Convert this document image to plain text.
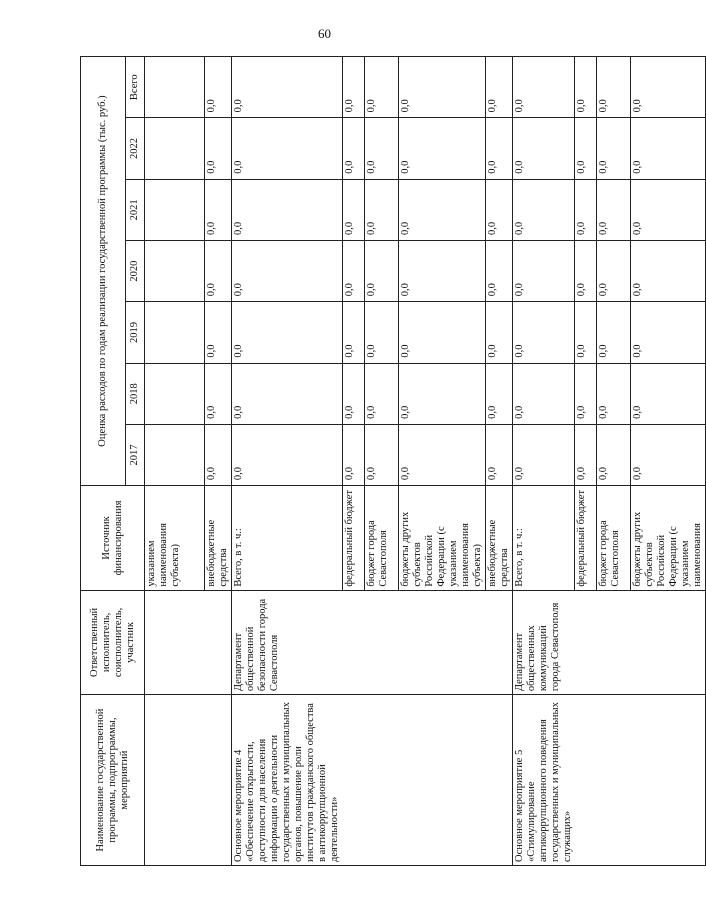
60
Наименование государственной программы, подпрограммы, мероприятий	Ответственный исполнитель, соисполнитель, участник	Источник финансирования	Оценка расходов по годам реализации государственной программы (тыс. руб.)						
			2017	2018	2019	2020	2021	2022	Всего
		указанием наименования субъекта)							
		внебюджетные средства	0,0	0,0	0,0	0,0	0,0	0,0	0,0
Основное мероприятие 4 «Обеспечение открытости, доступности для населения информации о деятельности государственных и муниципальных органов, повышение роли институтов гражданского общества в антикоррупционной деятельности»	Департамент общественной безопасности города Севастополя	Всего, в т. ч.:	0,0	0,0	0,0	0,0	0,0	0,0	0,0
		федеральный бюджет	0,0	0,0	0,0	0,0	0,0	0,0	0,0
		бюджет города Севастополя	0,0	0,0	0,0	0,0	0,0	0,0	0,0
		бюджеты других субъектов Российской Федерации (с указанием наименования субъекта)	0,0	0,0	0,0	0,0	0,0	0,0	0,0
		внебюджетные средства	0,0	0,0	0,0	0,0	0,0	0,0	0,0
Основное мероприятие 5 «Стимулирование антикоррупционного поведения государственных и муниципальных служащих»	Департамент общественных коммуникаций города Севастополя	Всего, в т. ч.:	0,0	0,0	0,0	0,0	0,0	0,0	0,0
		федеральный бюджет	0,0	0,0	0,0	0,0	0,0	0,0	0,0
		бюджет города Севастополя	0,0	0,0	0,0	0,0	0,0	0,0	0,0
		бюджеты других субъектов Российской Федерации (с указанием наименования	0,0	0,0	0,0	0,0	0,0	0,0	0,0
